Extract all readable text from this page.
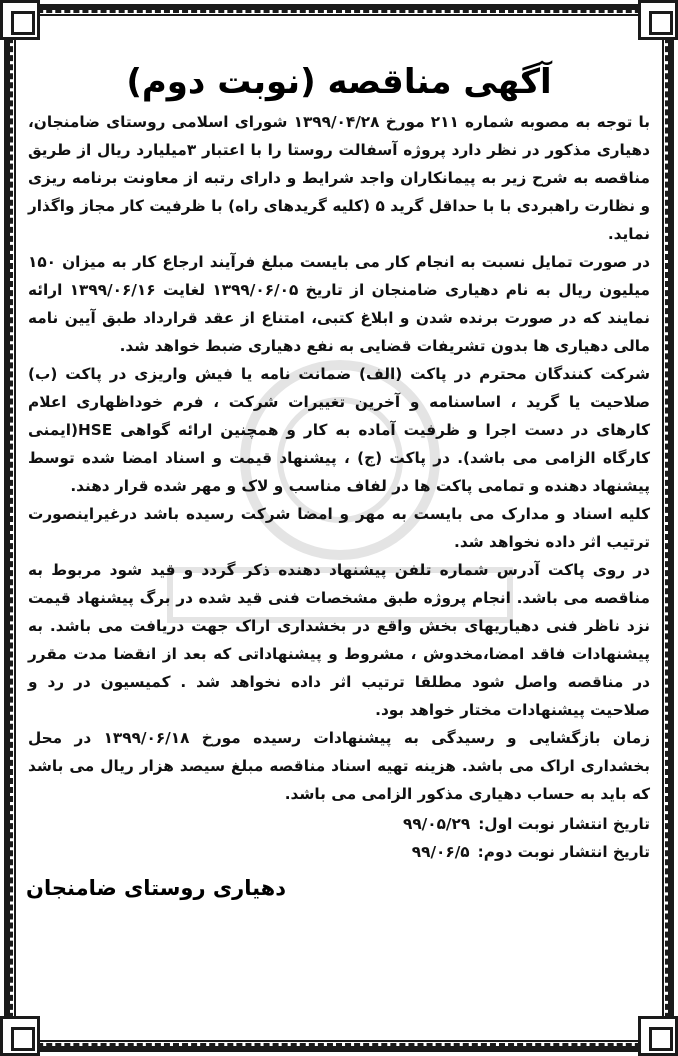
آگهی مناقصه (نوبت دوم)

با توجه به مصوبه شماره ۲۱۱ مورخ ۱۳۹۹/۰۴/۲۸ شورای اسلامی روستای ضامنجان، دهیاری مذکور در نظر دارد پروژه آسفالت روستا را با اعتبار ۳میلیارد ریال از طریق مناقصه به شرح زیر به پیمانکاران واجد شرایط و دارای رتبه از معاونت برنامه ریزی و نظارت راهبردی با با حداقل گرید ۵ (کلیه گریدهای راه) با ظرفیت کار مجاز واگذار نماید.

در صورت تمایل نسبت به انجام کار می بایست مبلغ فرآیند ارجاع کار به میزان ۱۵۰ میلیون ریال به نام دهیاری ضامنجان از تاریخ ۱۳۹۹/۰۶/۰۵ لغایت ۱۳۹۹/۰۶/۱۶ ارائه نمایند که در صورت برنده شدن و ابلاغ کتبی، امتناع از عقد قرارداد طبق آیین نامه مالی دهیاری ها بدون تشریفات قضایی به نفع دهیاری ضبط خواهد شد.

شرکت کنندگان محترم در پاکت (الف) ضمانت نامه یا فیش واریزی در پاکت (ب) صلاحیت یا گرید ، اساسنامه و آخرین تغییرات شرکت ، فرم خوداظهاری اعلام کارهای در دست اجرا و ظرفیت آماده به کار و همچنین ارائه گواهی HSE(ایمنی کارگاه الزامی می باشد). در پاکت (ج) ، پیشنهاد قیمت و اسناد امضا شده توسط پیشنهاد دهنده و تمامی پاکت ها در لفاف مناسب و لاک و مهر شده قرار دهند.

کلیه اسناد و مدارک می بایست به مهر و امضا شرکت رسیده باشد درغیراینصورت ترتیب اثر داده نخواهد شد.

در روی پاکت آدرس شماره تلفن پیشنهاد دهنده ذکر گردد و قید شود مربوط به مناقصه می باشد. انجام پروژه طبق مشخصات فنی قید شده در برگ پیشنهاد قیمت نزد ناظر فنی دهیاریهای بخش واقع در بخشداری اراک جهت دریافت می باشد. به پیشنهادات فاقد امضا،مخدوش ، مشروط و پیشنهاداتی که بعد از انقضا مدت مقرر در مناقصه واصل شود مطلقا ترتیب اثر داده نخواهد شد . کمیسیون در رد و صلاحیت پیشنهادات مختار خواهد بود.

زمان بازگشایی و رسیدگی به پیشنهادات رسیده مورخ ۱۳۹۹/۰۶/۱۸ در محل بخشداری اراک می باشد. هزینه تهیه اسناد مناقصه مبلغ سیصد هزار ریال می باشد که باید به حساب دهیاری مذکور الزامی می باشد.

تاریخ انتشار نوبت اول:
۹۹/۰۵/۲۹
تاریخ انتشار نوبت دوم:
۹۹/۰۶/۵
دهیاری روستای ضامنجان
